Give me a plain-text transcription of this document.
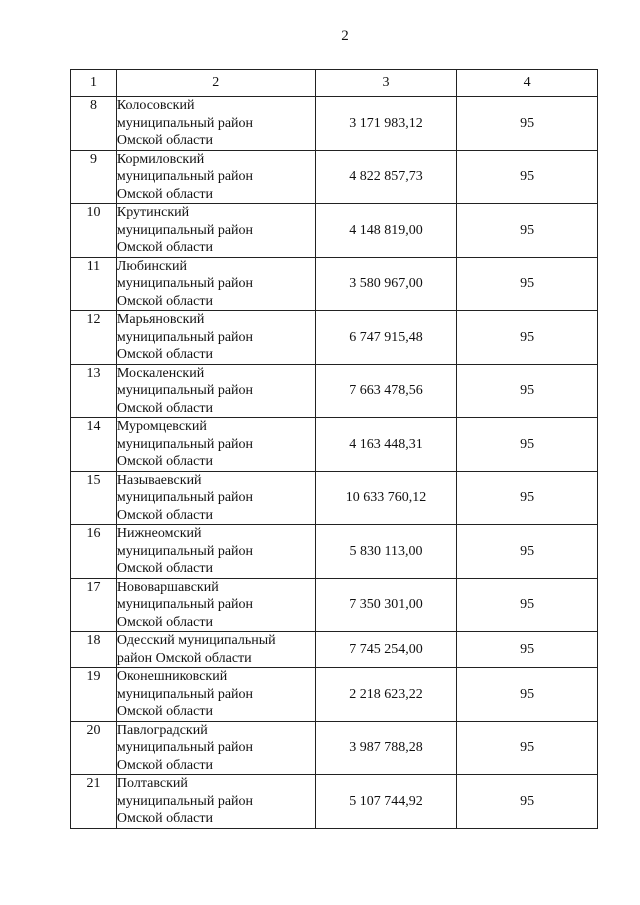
2
1	2	3	4
8	Колосовский
муниципальный район
Омской области	3 171 983,12	95
9	Кормиловский
муниципальный район
Омской области	4 822 857,73	95
10	Крутинский
муниципальный район
Омской области	4 148 819,00	95
11	Любинский
муниципальный район
Омской области	3 580 967,00	95
12	Марьяновский
муниципальный район
Омской области	6 747 915,48	95
13	Москаленский
муниципальный район
Омской области	7 663 478,56	95
14	Муромцевский
муниципальный район
Омской области	4 163 448,31	95
15	Называевский
муниципальный район
Омской области	10 633 760,12	95
16	Нижнеомский
муниципальный район
Омской области	5 830 113,00	95
17	Нововаршавский
муниципальный район
Омской области	7 350 301,00	95
18	Одесский муниципальный
район Омской области	7 745 254,00	95
19	Оконешниковский
муниципальный район
Омской области	2 218 623,22	95
20	Павлоградский
муниципальный район
Омской области	3 987 788,28	95
21	Полтавский
муниципальный район
Омской области	5 107 744,92	95
